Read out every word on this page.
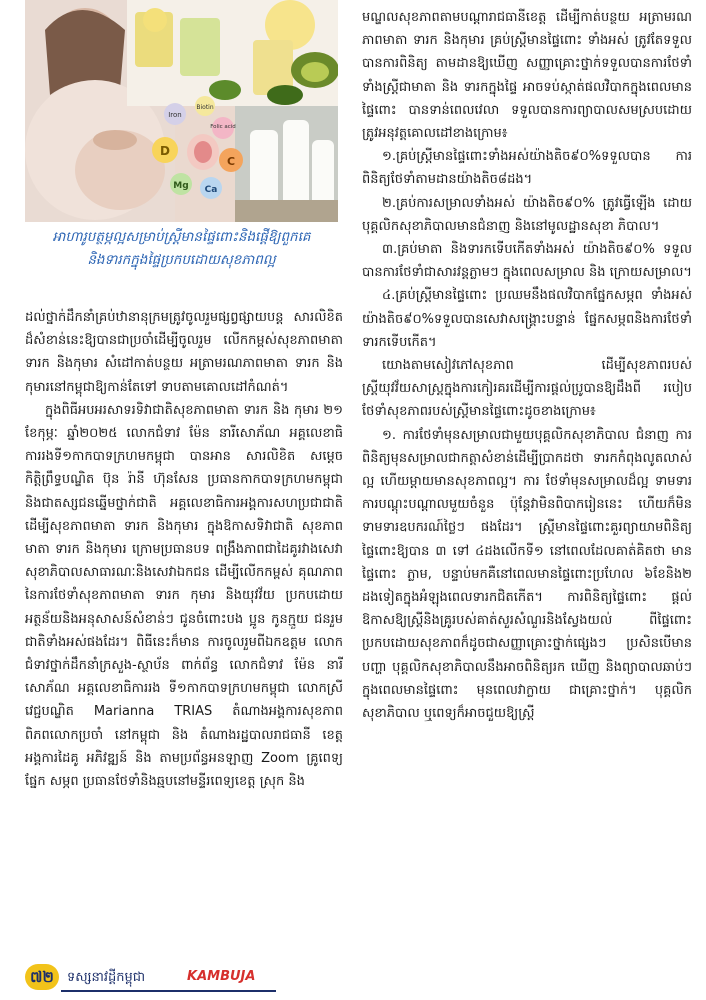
Iron
Biotin
Folic acid
D
C
Mg Ca
អាហារូបត្ថម្ភល្អសម្រាប់ស្ត្រីមានផ្ទៃពោះនិងផ្តើឱ្យពួកគេ
និងទារកក្នុងផ្ទៃប្រកបដោយសុខភាពល្អ

ដល់ថ្នាក់ដឹកនាំគ្រប់ឋានានុក្រមត្រូវចូលរួមផ្សព្វផ្សាយបន្ត សារលិខិត ដ៏សំខាន់នេះឱ្យបានជាប្រចាំដើម្បីចូលរួម លើកកម្ពស់សុខភាពមាតា ទារក និងកុមារ សំដៅកាត់បន្ថយ អត្រាមរណភាពមាតា ទារក និងកុមារនៅកម្ពុជាឱ្យកាន់តែទៅ ទាបតាមគោលដៅកំណត់។

ក្នុងពិធីអបអរសាទរទិវាជាតិសុខភាពមាតា ទារក និង កុមារ ២១ ខែកុម្ភៈ ឆ្នាំ២០២៥ លោកជំទាវ ម៉ែន នារីសោភ័ណ អគ្គលេខាធិការរងទី១កាកបាទក្រហមកម្ពុជា បានអាន សារលិខិត សម្តេចកិត្តិព្រឹទ្ធបណ្ឌិត ប៊ុន រ៉ានី ហ៊ុនសែន ប្រធានកាកបាទក្រហមកម្ពុជា និងជាតស្សជនឆ្នើមថ្នាក់ជាតិ អគ្គលេខាធិការអង្គការសហប្រជាជាតិ ដើម្បីសុខភាពមាតា ទារក និងកុមារ ក្នុងឱកាសទិវាជាតិ សុខភាពមាតា ទារក និងកុមារ ក្រោមប្រធានបទ ពង្រឹងភាពជាដៃគូរវាងសេវា សុខាភិបាលសាធារណៈនិងសេវាឯកជន ដើម្បីលើកកម្ពស់ គុណភាពនៃការថែទាំសុខភាពមាតា ទារក កុមារ និងយុវវ័យ ប្រកបដោយអត្ថន័យនិងអនុសាសន៍សំខាន់ៗ ជូនចំពោះបង ប្អូន កូនក្មួយ ជនរួមជាតិទាំងអស់ផងដែរ។ ពិធីនេះក៏មាន ការចូលរួមពីឯកឧត្តម លោកជំទាវថ្នាក់ដឹកនាំក្រសួង-ស្ថាប័ន ពាក់ព័ន្ធ លោកជំទាវ ម៉ែន នារីសោភ័ណ អគ្គលេខាធិការរង ទី១កាកបាទក្រហមកម្ពុជា លោកស្រីវេជ្ជបណ្ឌិត Marianna TRIAS តំណាងអង្គការសុខភាពពិភពលោកប្រចាំ នៅកម្ពុជា និង តំណាងរដ្ឋបាលរាជធានី ខេត្ត អង្គការដៃគូ អភិវឌ្ឍន៍ និង តាមប្រព័ន្ធអនឡាញ Zoom គ្រូពេទ្យផ្នែក សម្ភព ប្រធានថែទាំនិងឆ្មបនៅមន្ទីរពេទ្យខេត្ត ស្រុក និង

មណ្ឌលសុខភាពតាមបណ្ដារាជធានីខេត្ត ដើម្បីកាត់បន្ថយ អត្រាមរណភាពមាតា ទារក និងកុមារ គ្រប់ស្ត្រីមានផ្ទៃពោះ ទាំងអស់ ត្រូវតែទទួល បានការពិនិត្យ តាមដានឱ្យឃើញ សញ្ញាគ្រោះថ្នាក់ទទួលបានការថែទាំ ទាំងស្ត្រីជាមាតា និង ទារកក្នុងផ្ទៃ អាចទប់ស្កាត់ផលវិបាកក្នុងពេលមានផ្ទៃពោះ បានទាន់ពេលវេលា ទទួលបានការព្យាបាលសមស្របដោយ ត្រូវអនុវត្តគោលដៅខាងក្រោម៖

១.គ្រប់ស្ត្រីមានផ្ទៃពោះទាំងអស់យ៉ាងតិច៩០%ទទួលបាន ការពិនិត្យថែទាំតាមដានយ៉ាងតិច៨ដង។

២.គ្រប់ការសម្រាលទាំងអស់ យ៉ាងតិច៩០% ត្រូវធ្វើឡើង ដោយបុគ្គលិកសុខាភិបាលមានជំនាញ និងនៅមូលដ្ឋានសុខា ភិបាល។

៣.គ្រប់មាតា និងទារកទើបកើតទាំងអស់ យ៉ាងតិច៩០% ទទួលបានការថែទាំជាសារវន្តភ្លាមៗ ក្នុងពេលសម្រាល និង ក្រោយសម្រាល។

៤.គ្រប់ស្ត្រីមានផ្ទៃពោះ ប្រឈមនឹងផលវិបាកផ្នែកសម្ភព ទាំងអស់យ៉ាងតិច៩០%ទទួលបានសេវាសង្គ្រោះបន្ទាន់ ផ្នែកសម្ភពនិងការថែទាំទារកទើបកើត។

យោងតាមសៀវភៅសុខភាព ដើម្បីសុខភាពរបស់ ស្ត្រីយុវវ័យសាស្ត្រក្នុងការកៀរគរដើម្បីការផ្ដល់ប្រូបានឱ្យដឹងពី របៀបថែទាំសុខភាពរបស់ស្ត្រីមានផ្ទៃពោះដូចខាងក្រោម៖

១. ការថែទាំមុនសម្រាលជាមួយបុគ្គលិកសុខាភិបាល ជំនាញ ការពិនិត្យមុនសម្រាលជាកត្តាសំខាន់ដើម្បីប្រាកដថា ទារកកំពុងលូតលាស់ល្អ ហើយម្ដាយមានសុខភាពល្អ។ ការ ថែទាំមុនសម្រាលដ៏ល្អ ទាមទារការបណ្ដុះបណ្ដាលមួយចំនួន ប៉ុន្តែវាមិនពិបាករៀននេះ ហើយក៏មិនទាមទារឧបករណ៍ថ្លៃៗ ផងដែរ។ ស្ត្រីមានផ្ទៃពោះគួរព្យាយាមពិនិត្យផ្ទៃពោះឱ្យបាន ៣ ទៅ ៤ដងលើកទី១ នៅពេលដែលគាត់គិតថា មានផ្ទៃពោះ ភ្លាម, បន្ទាប់មកគឺនៅពេលមានផ្ទៃពោះប្រហែល ៦ខែនិង២ ដងទៀតក្នុងអំឡុងពេលទារកជិតកើត។ ការពិនិត្យផ្ទៃពោះ ផ្ដល់ឱកាសឱ្យស្ត្រីនិងគ្រូរបស់គាត់សួរសំណួរនិងស្វែងយល់ ពីផ្ទៃពោះប្រកបដោយសុខភាពក៏ដូចជាសញ្ញាគ្រោះថ្នាក់ផ្សេងៗ ប្រសិនបើមានបញ្ហា បុគ្គលិកសុខាភិបាលនឹងអាចពិនិត្យរក ឃើញ និងព្យាបាលឆាប់ៗក្នុងពេលមានផ្ទៃពោះ មុនពេលវាក្លាយ ជាគ្រោះថ្នាក់។ បុគ្គលិកសុខាភិបាល ឬពេទ្យក៏អាចជួយឱ្យស្ត្រី

៧២	ទស្សនាវដ្ដីកម្ពុជា	KAMBUJA
